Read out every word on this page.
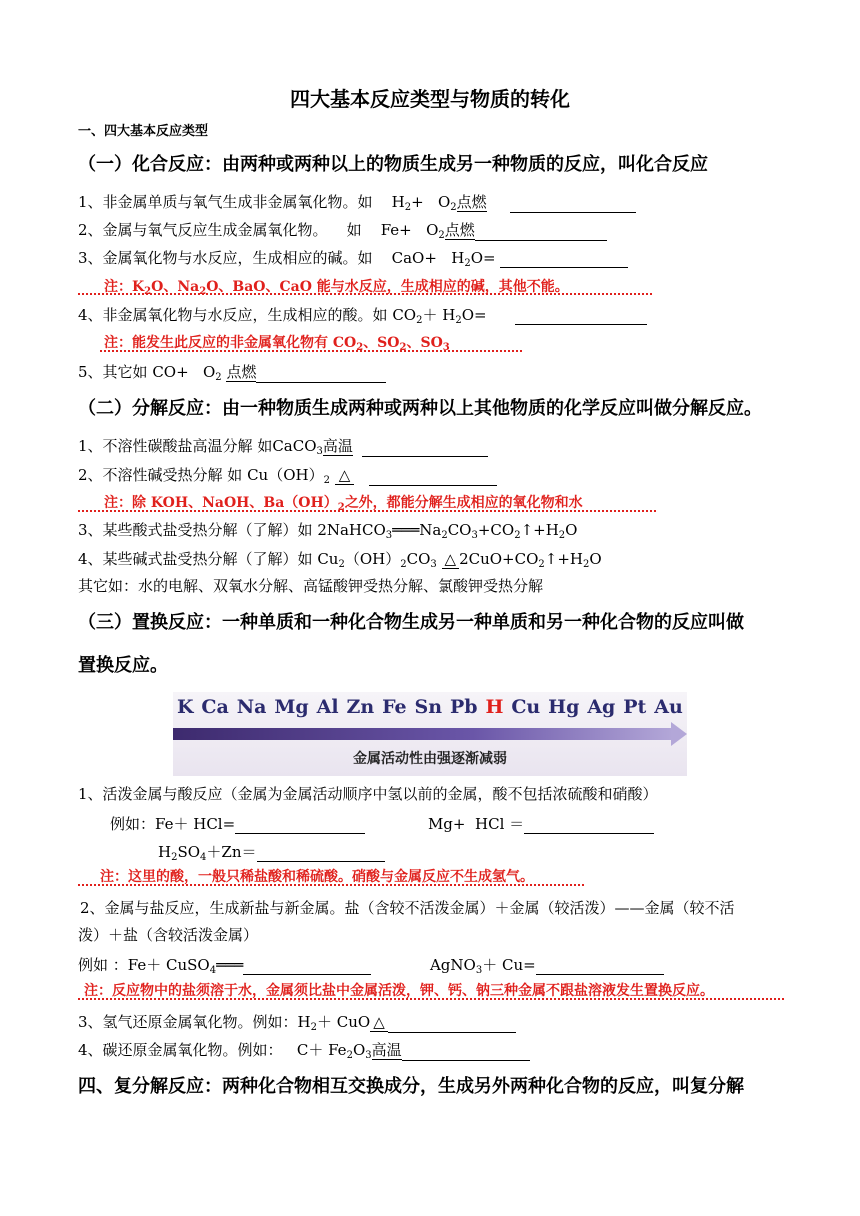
四大基本反应类型与物质的转化
一、四大基本反应类型
（一）化合反应：由两种或两种以上的物质生成另一种物质的反应，叫化合反应
1、非金属单质与氧气生成非金属氧化物。如    $H_2+ O_2$点燃
2、金属与氧气反应生成金属氧化物。 如 $Fe+ O_2$点燃
3、金属氧化物与水反应，生成相应的碱。如 $CaO+ H_2O=$
注：$K_2O$、$Na_2O$、BaO、CaO 能与水反应，生成相应的碱，其他不能。
4、非金属氧化物与水反应，生成相应的酸。如 $CO_2+ H_2O=$
注：能发生此反应的非金属氧化物有 $CO_2$、$SO_2$、$SO_3$
5、其它如 $CO+ O_2$ 点燃
（二）分解反应：由一种物质生成两种或两种以上其他物质的化学反应叫做分解反应。
1、不溶性碳酸盐高温分解 如CaCO$_3$高温
2、不溶性碱受热分解 如 $Cu(OH)_2$ △
注：除 KOH、NaOH、$Ba(OH)_2$之外，都能分解生成相应的氧化物和水
3、某些酸式盐受热分解（了解）如 $2NaHCO_3═══Na_2CO_3+CO_2↑+H_2O$
4、某些碱式盐受热分解（了解）如 $Cu_2(OH)_2CO_3$ △ $2CuO+CO_2↑+H_2O$
其它如：水的电解、双氧水分解、高锰酸钾受热分解、氯酸钾受热分解
（三）置换反应：一种单质和一种化合物生成另一种单质和另一种化合物的反应叫做
置换反应。
K Ca Na Mg Al Zn Fe Sn Pb H Cu Hg Ag Pt Au
金属活动性由强逐渐减弱
1、活泼金属与酸反应（金属为金属活动顺序中氢以前的金属，酸不包括浓硫酸和硝酸）
例如：Fe＋ HCl=	Mg+  HCl ＝
$H_2SO_4+Zn=$
注：这里的酸，一般只稀盐酸和稀硫酸。硝酸与金属反应不生成氢气。
2、金属与盐反应，生成新盐与新金属。盐（含较不活泼金属）＋金属（较活泼）——金属（较不活
泼）＋盐（含较活泼金属）
例如 ：Fe＋ CuSO$_4$═══	AgNO$_3$＋ Cu=
注：反应物中的盐须溶于水，金属须比盐中金属活泼，钾、钙、钠三种金属不跟盐溶液发生置换反应。
3、氢气还原金属氧化物。例如：$H_2+$ CuO △
4、碳还原金属氧化物。例如：   $C+ Fe_2O_3$高温
四、复分解反应：两种化合物相互交换成分，生成另外两种化合物的反应，叫复分解
